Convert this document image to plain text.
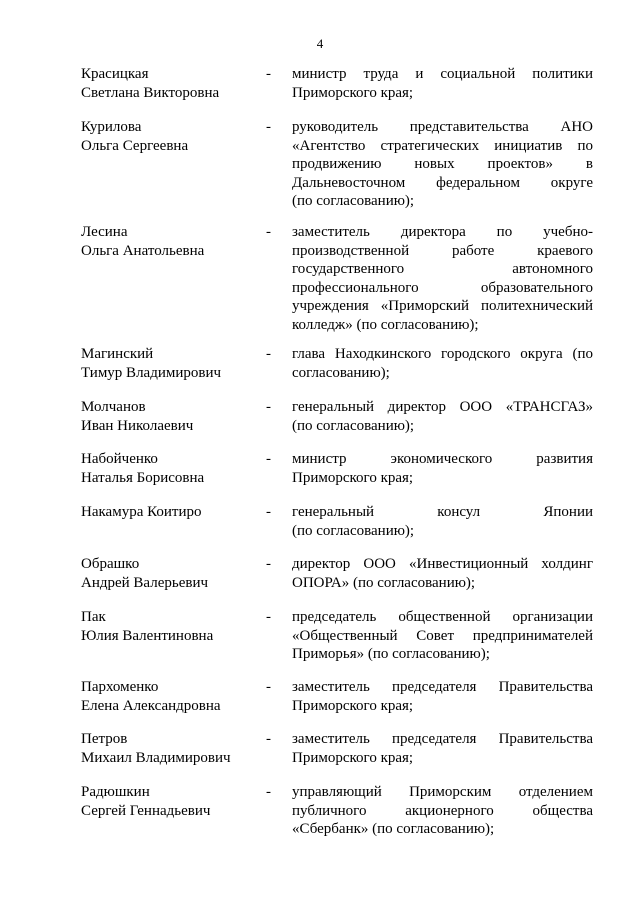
4
Красицкая
Светлана Викторовна
- министр труда и социальной политики
Приморского края;
Курилова
Ольга Сергеевна
- руководитель представительства АНО
«Агентство стратегических инициатив по
продвижению новых проектов» в
Дальневосточном федеральном округе
(по согласованию);
Лесина
Ольга Анатольевна
- заместитель директора по учебно-
производственной работе краевого
государственного автономного
профессионального образовательного
учреждения «Приморский политехнический
колледж» (по согласованию);
Магинский
Тимур Владимирович
- глава Находкинского городского округа (по
согласованию);
Молчанов
Иван Николаевич
- генеральный директор ООО «ТРАНСГАЗ»
(по согласованию);
Набойченко
Наталья Борисовна
- министр экономического развития
Приморского края;
Накамура Коитиро	- генеральный консул Японии
(по согласованию);
Обрашко
Андрей Валерьевич
- директор ООО «Инвестиционный холдинг
ОПОРА» (по согласованию);
Пак
Юлия Валентиновна
- председатель общественной организации
«Общественный Совет предпринимателей
Приморья» (по согласованию);
Пархоменко
Елена Александровна
- заместитель председателя Правительства
Приморского края;
Петров
Михаил Владимирович
- заместитель председателя Правительства
Приморского края;
Радюшкин
Сергей Геннадьевич
- управляющий Приморским отделением
публичного акционерного общества
«Сбербанк» (по согласованию);
